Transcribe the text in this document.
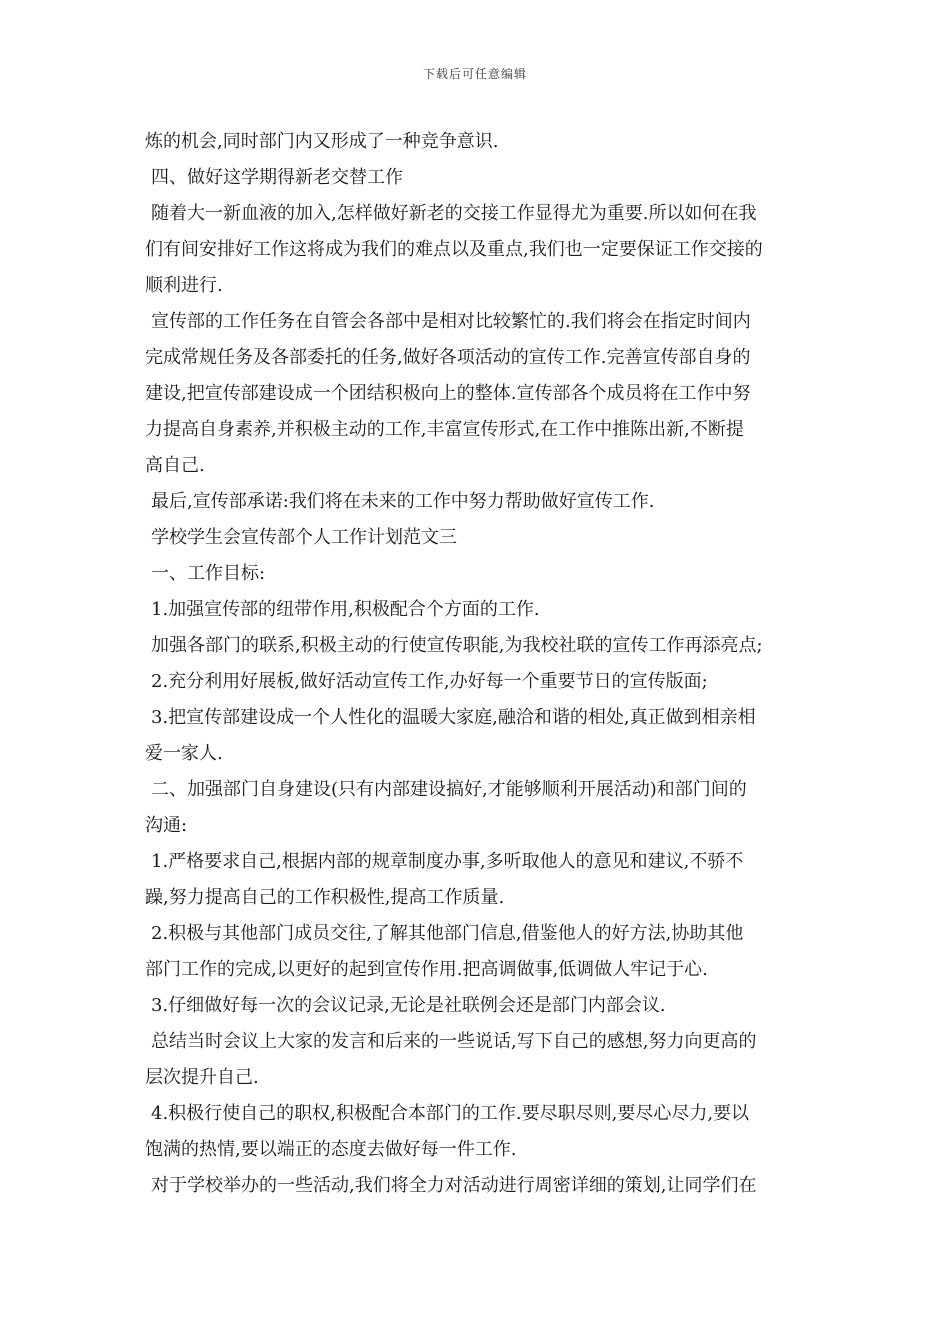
下载后可任意编辑
炼的机会,同时部门内又形成了一种竞争意识.
四、做好这学期得新老交替工作
随着大一新血液的加入,怎样做好新老的交接工作显得尤为重要.所以如何在我
们有间安排好工作这将成为我们的难点以及重点,我们也一定要保证工作交接的
顺利进行.
宣传部的工作任务在自管会各部中是相对比较繁忙的.我们将会在指定时间内
完成常规任务及各部委托的任务,做好各项活动的宣传工作.完善宣传部自身的
建设,把宣传部建设成一个团结积极向上的整体.宣传部各个成员将在工作中努
力提高自身素养,并积极主动的工作,丰富宣传形式,在工作中推陈出新,不断提
高自己.
最后,宣传部承诺:我们将在未来的工作中努力帮助做好宣传工作.
学校学生会宣传部个人工作计划范文三
一、工作目标:
1.加强宣传部的纽带作用,积极配合个方面的工作.
加强各部门的联系,积极主动的行使宣传职能,为我校社联的宣传工作再添亮点;
2.充分利用好展板,做好活动宣传工作,办好每一个重要节日的宣传版面;
3.把宣传部建设成一个人性化的温暖大家庭,融洽和谐的相处,真正做到相亲相
爱一家人.
二、加强部门自身建设(只有内部建设搞好,才能够顺利开展活动)和部门间的
沟通:
1.严格要求自己,根据内部的规章制度办事,多听取他人的意见和建议,不骄不
躁,努力提高自己的工作积极性,提高工作质量.
2.积极与其他部门成员交往,了解其他部门信息,借鉴他人的好方法,协助其他
部门工作的完成,以更好的起到宣传作用.把高调做事,低调做人牢记于心.
3.仔细做好每一次的会议记录,无论是社联例会还是部门内部会议.
总结当时会议上大家的发言和后来的一些说话,写下自己的感想,努力向更高的
层次提升自己.
4.积极行使自己的职权,积极配合本部门的工作.要尽职尽则,要尽心尽力,要以
饱满的热情,要以端正的态度去做好每一件工作.
对于学校举办的一些活动,我们将全力对活动进行周密详细的策划,让同学们在
